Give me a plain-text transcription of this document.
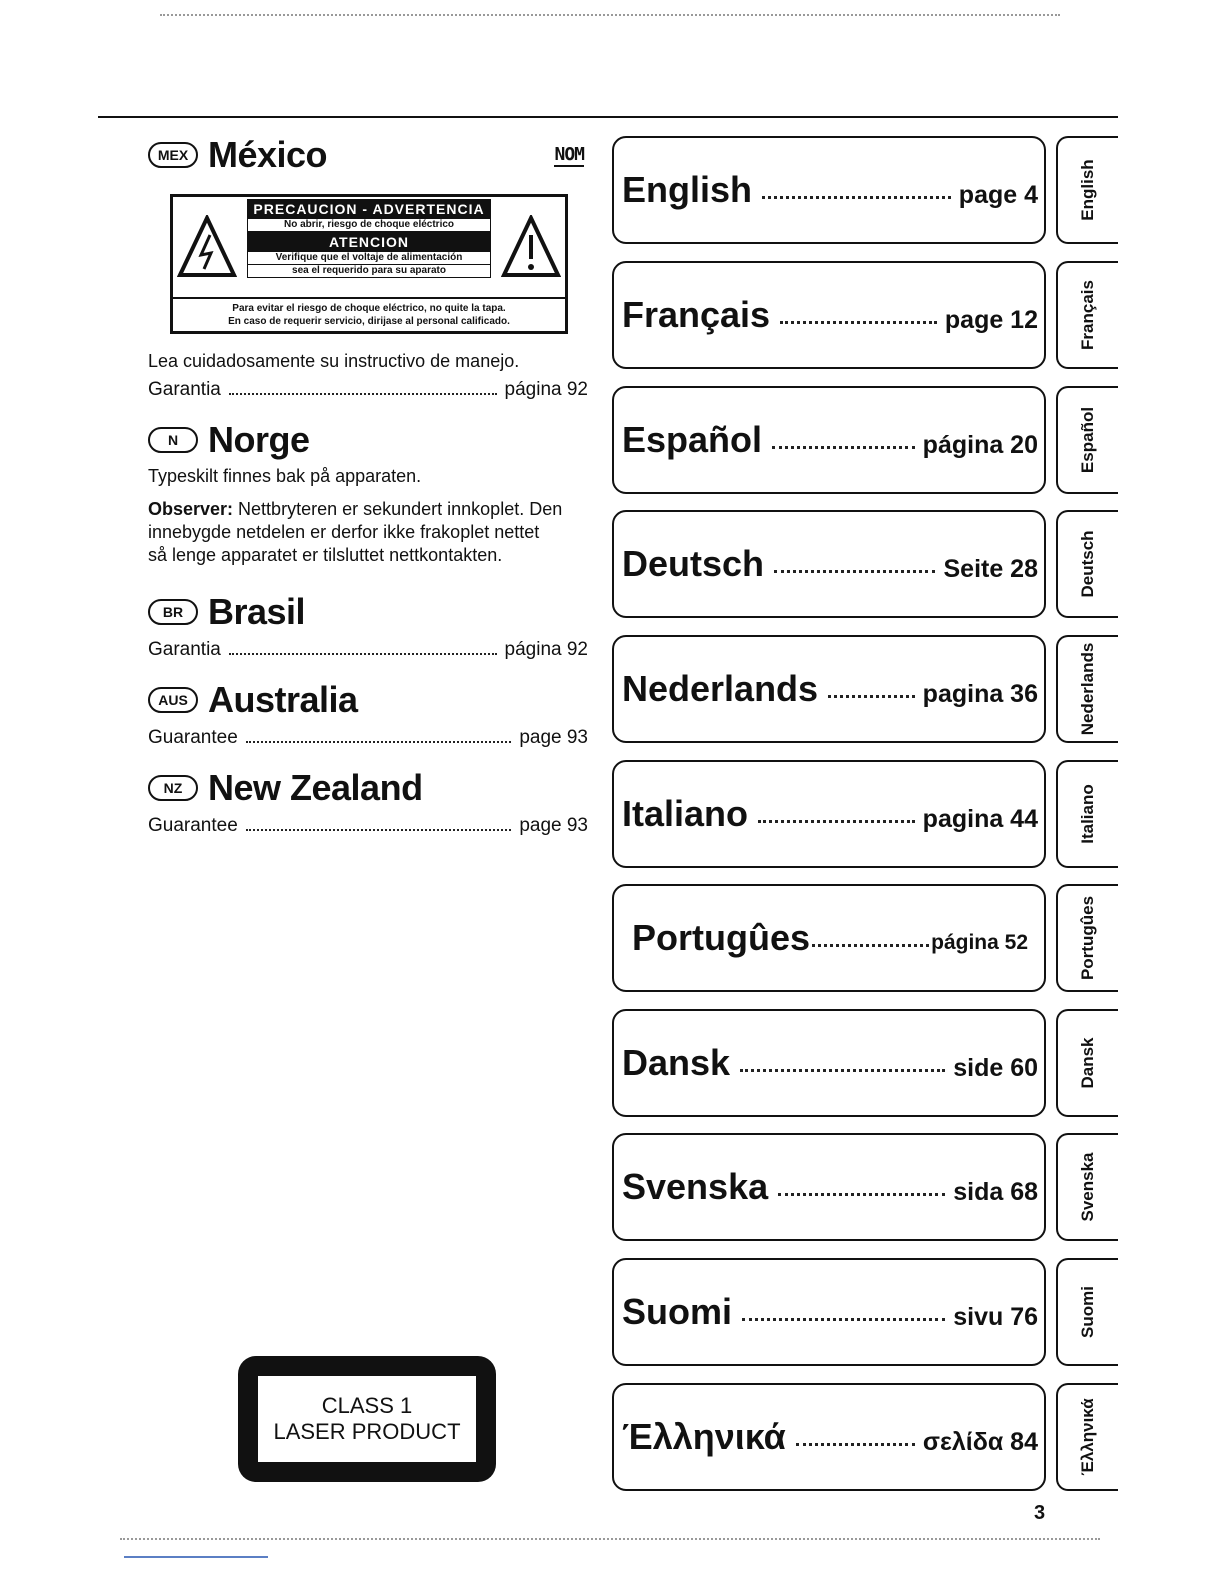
MEX México	NOM
PRECAUCION - ADVERTENCIA
No abrir, riesgo de choque eléctrico
ATENCION
Verifique que el voltaje de alimentación
sea el requerido para su aparato
Para evitar el riesgo de choque eléctrico, no quite la tapa.
En caso de requerir servicio, dirijase al personal calificado.

Lea cuidadosamente su instructivo de manejo.

Garantia	página 92
N Norge

Typeskilt finnes bak på apparaten.

Observer: Nettbryteren er sekundert innkoplet. Den

innebygde netdelen er derfor ikke frakoplet nettet

så lenge apparatet er tilsluttet nettkontakten.

BR Brasil
Garantia	página 92
AUS Australia
Guarantee	page 93
NZ New Zealand
Guarantee	page 93
CLASS 1
LASER PRODUCT
English	page 4 English
Français	page 12 Français
Español	página 20 Español
Deutsch	Seite 28 Deutsch
Nederlands	pagina 36 Nederlands
Italiano	pagina 44 Italiano
Portugûes	página 52	Portugûes
Dansk	side 60 Dansk
Svenska	sida 68 Svenska
Suomi	sivu 76 Suomi
Έλληνικά	σελίδα 84 Έλληνικά
3
